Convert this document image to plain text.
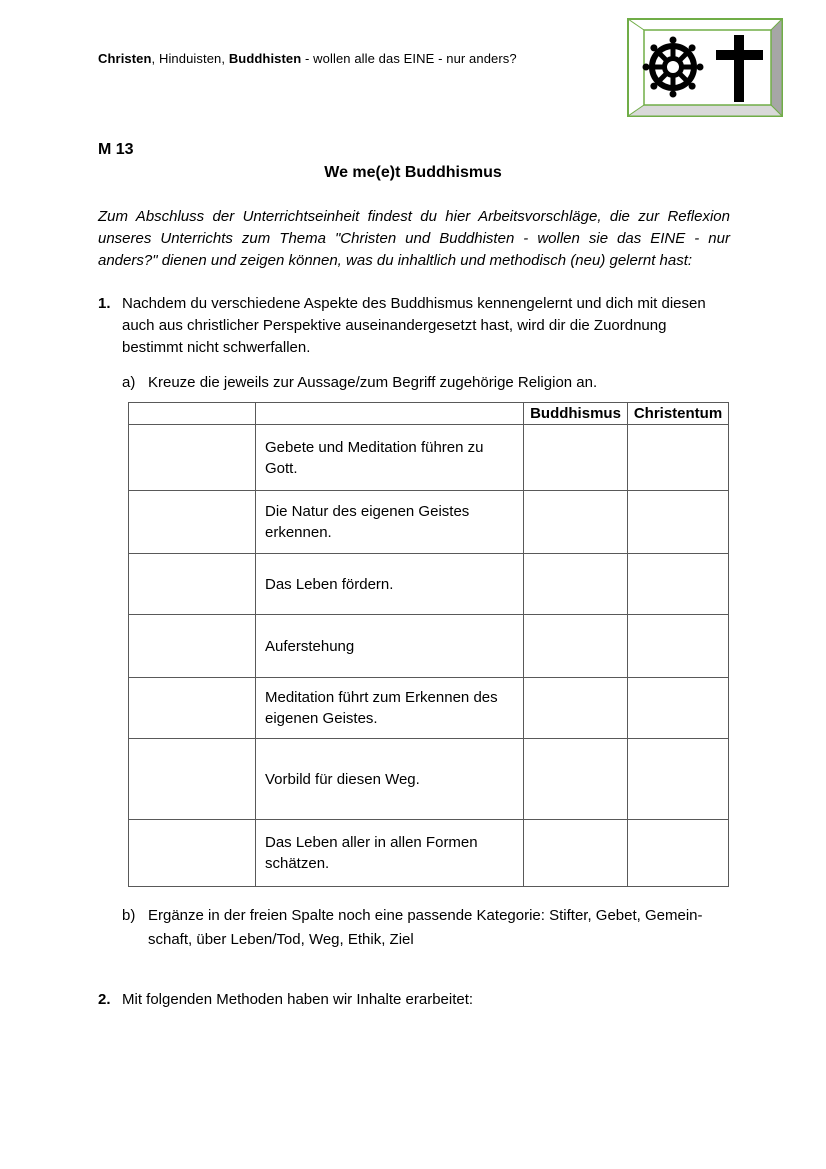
Christen, Hinduisten, Buddhisten - wollen alle das EINE - nur anders?
M 13
We me(e)t Buddhismus
Zum Abschluss der Unterrichtseinheit findest du hier Arbeitsvorschläge, die zur Reflexion
unseres Unterrichts zum Thema "Christen und Buddhisten - wollen sie das EINE - nur
anders?" dienen und zeigen können, was du inhaltlich und methodisch (neu) gelernt hast:
1. Nachdem du verschiedene Aspekte des Buddhismus kennengelernt und dich mit diesen
auch aus christlicher Perspektive auseinandergesetzt hast, wird dir die Zuordnung
bestimmt nicht schwerfallen.
a) Kreuze die jeweils zur Aussage/zum Begriff zugehörige Religion an.
		Buddhismus	Christentum

	Gebete und Meditation führen zu Gott.		

	Die Natur des eigenen Geistes erkennen.		

	Das Leben fördern.		

	Auferstehung		

	Meditation führt zum Erkennen des eigenen Geistes.		

	Vorbild für diesen Weg.		

	Das Leben aller in allen Formen schätzen.		

b) Ergänze in der freien Spalte noch eine passende Kategorie: Stifter, Gebet, Gemein-
schaft, über Leben/Tod, Weg, Ethik, Ziel
2. Mit folgenden Methoden haben wir Inhalte erarbeitet:
